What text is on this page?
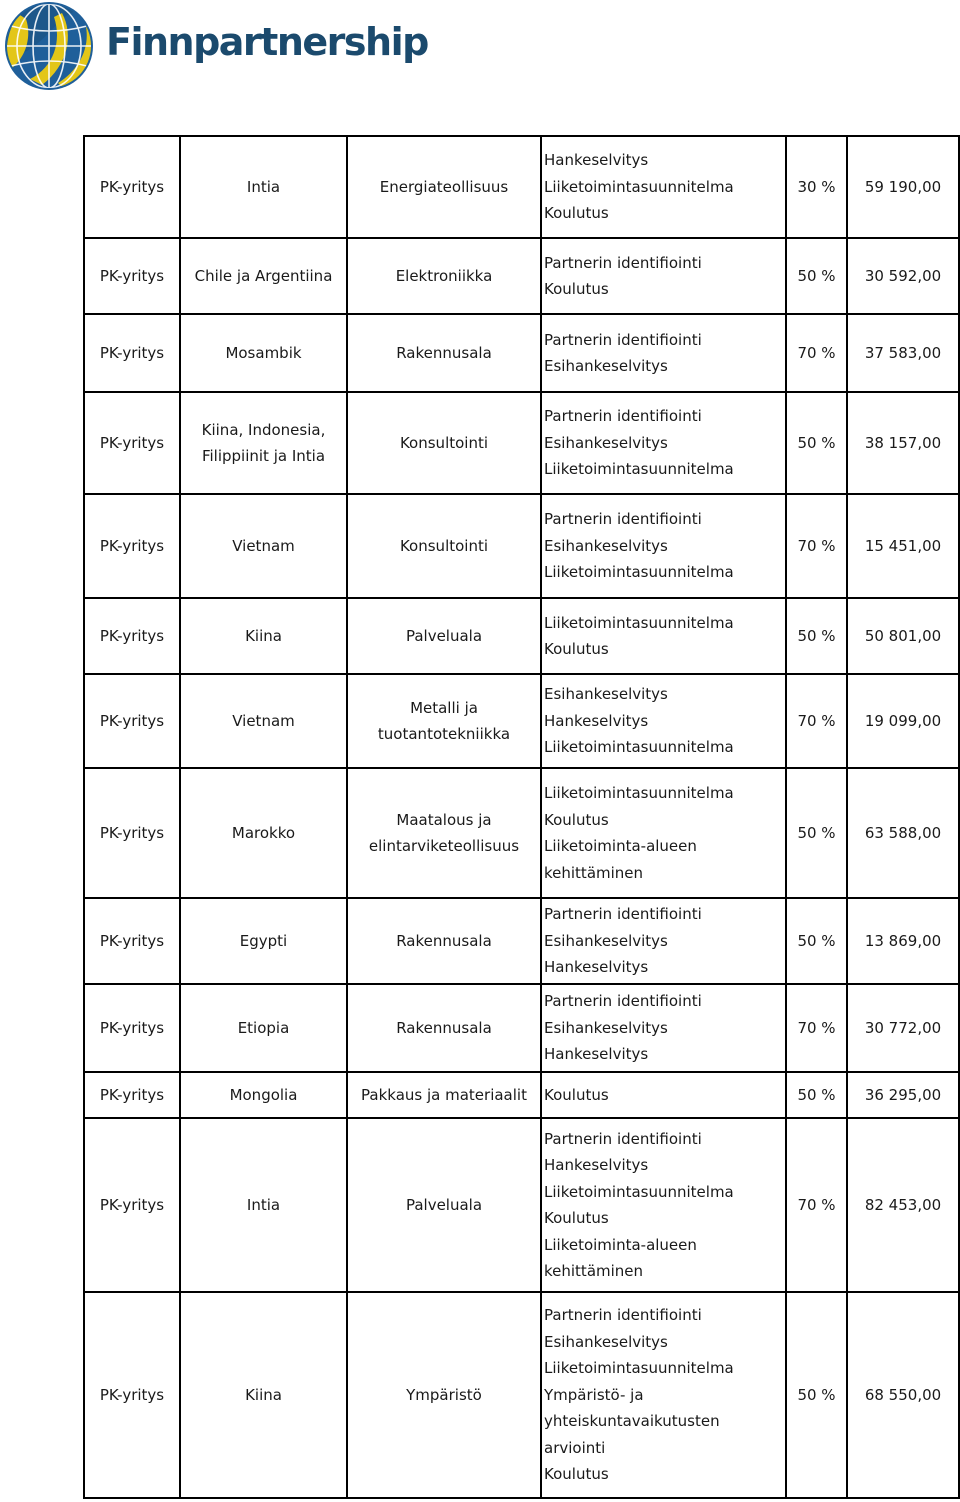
Finnpartnership
PK-yritys	Intia	Energiateollisuus	Hankeselvitys
Liiketoimintasuunnitelma
Koulutus	30 %	59 190,00
PK-yritys	Chile ja Argentiina	Elektroniikka	Partnerin identifiointi
Koulutus	50 %	30 592,00
PK-yritys	Mosambik	Rakennusala	Partnerin identifiointi
Esihankeselvitys	70 %	37 583,00
PK-yritys	Kiina, Indonesia, Filippiinit ja Intia	Konsultointi	Partnerin identifiointi
Esihankeselvitys
Liiketoimintasuunnitelma	50 %	38 157,00
PK-yritys	Vietnam	Konsultointi	Partnerin identifiointi
Esihankeselvitys
Liiketoimintasuunnitelma	70 %	15 451,00
PK-yritys	Kiina	Palveluala	Liiketoimintasuunnitelma
Koulutus	50 %	50 801,00
PK-yritys	Vietnam	Metalli ja tuotantotekniikka	Esihankeselvitys
Hankeselvitys
Liiketoimintasuunnitelma	70 %	19 099,00
PK-yritys	Marokko	Maatalous ja elintarviketeollisuus	Liiketoimintasuunnitelma
Koulutus
Liiketoiminta-alueen kehittäminen	50 %	63 588,00
PK-yritys	Egypti	Rakennusala	Partnerin identifiointi
Esihankeselvitys
Hankeselvitys	50 %	13 869,00
PK-yritys	Etiopia	Rakennusala	Partnerin identifiointi
Esihankeselvitys
Hankeselvitys	70 %	30 772,00
PK-yritys	Mongolia	Pakkaus ja materiaalit	Koulutus	50 %	36 295,00
PK-yritys	Intia	Palveluala	Partnerin identifiointi
Hankeselvitys
Liiketoimintasuunnitelma
Koulutus
Liiketoiminta-alueen kehittäminen	70 %	82 453,00
PK-yritys	Kiina	Ympäristö	Partnerin identifiointi
Esihankeselvitys
Liiketoimintasuunnitelma
Ympäristö- ja yhteiskuntavaikutusten arviointi
Koulutus	50 %	68 550,00
